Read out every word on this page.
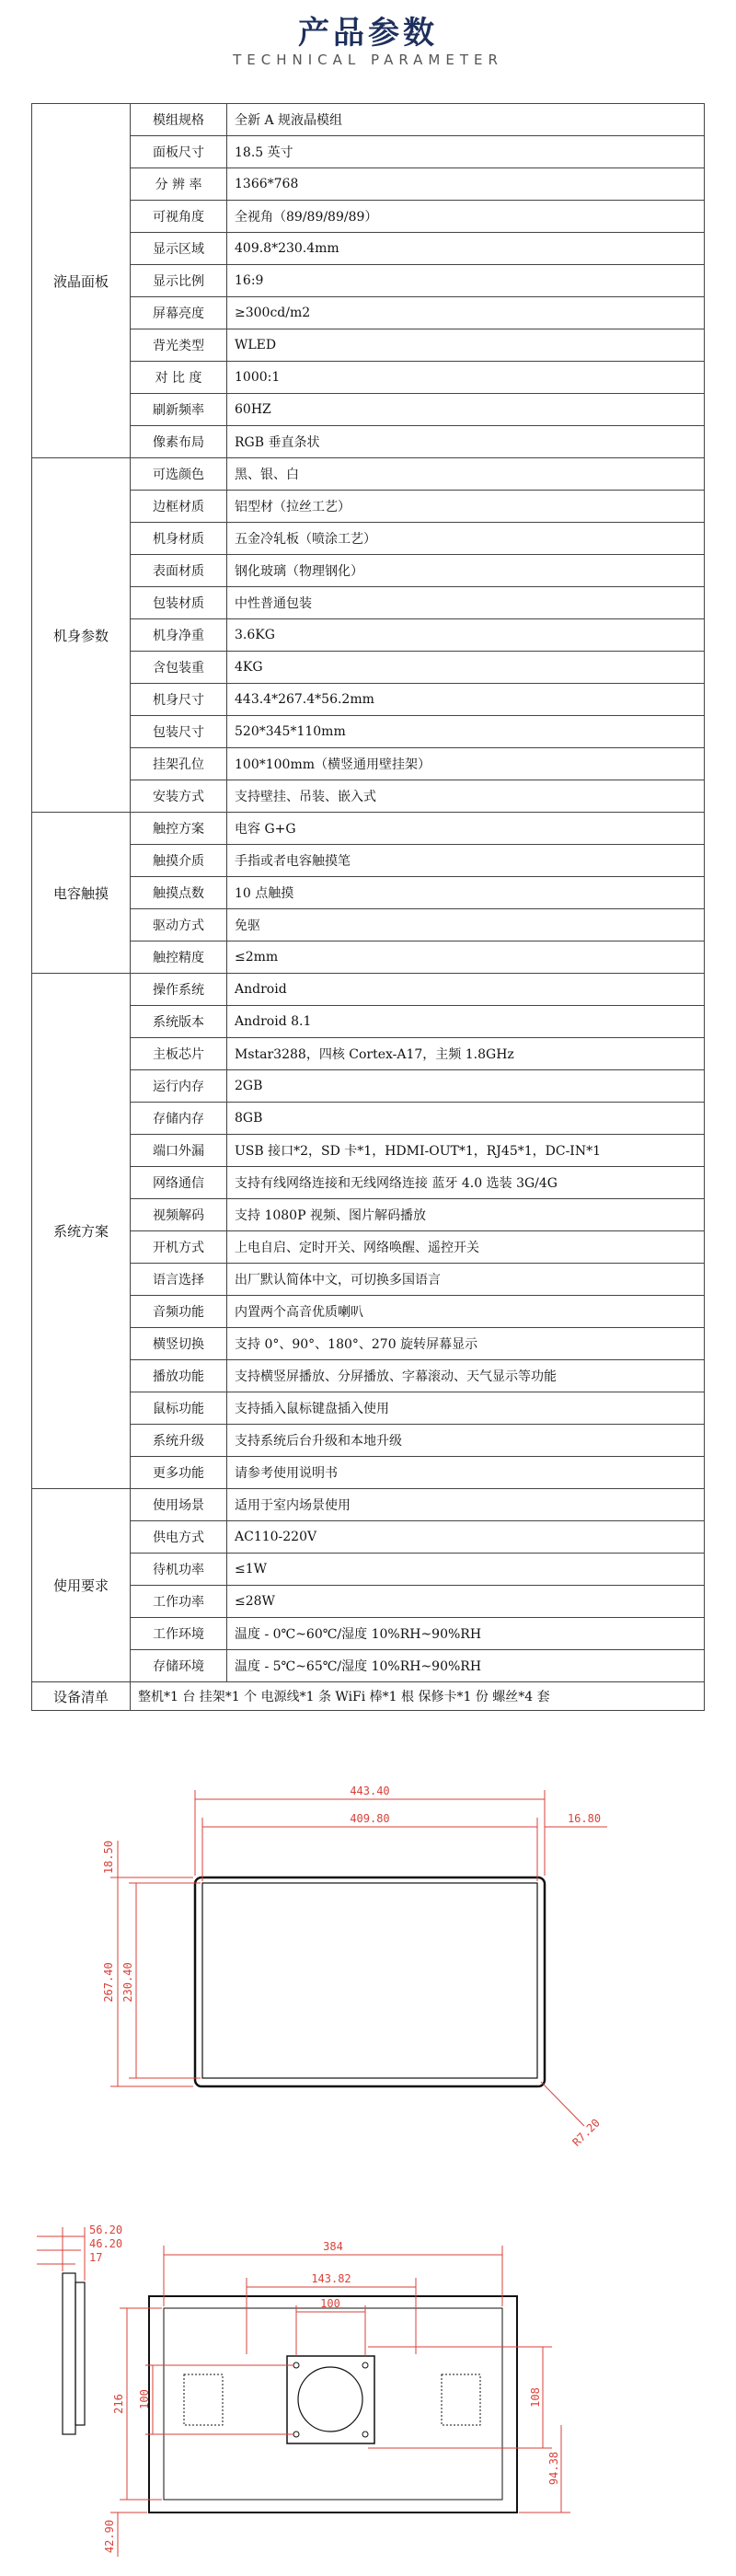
产品参数
TECHNICAL PARAMETER
液晶面板	模组规格	全新 A 规液晶模组
	面板尺寸	18.5 英寸
	分 辨 率	1366*768
	可视角度	全视角（89/89/89/89）
	显示区域	409.8*230.4mm
	显示比例	16:9
	屏幕亮度	≥300cd/m2
	背光类型	WLED
	对 比 度	1000:1
	刷新频率	60HZ
	像素布局	RGB 垂直条状
机身参数	可选颜色	黑、银、白
	边框材质	铝型材（拉丝工艺）
	机身材质	五金冷轧板（喷涂工艺）
	表面材质	钢化玻璃（物理钢化）
	包装材质	中性普通包装
	机身净重	3.6KG
	含包装重	4KG
	机身尺寸	443.4*267.4*56.2mm
	包装尺寸	520*345*110mm
	挂架孔位	100*100mm（横竖通用壁挂架）
	安装方式	支持壁挂、吊装、嵌入式
电容触摸	触控方案	电容 G+G
	触摸介质	手指或者电容触摸笔
	触摸点数	10 点触摸
	驱动方式	免驱
	触控精度	≤2mm
系统方案	操作系统	Android
	系统版本	Android 8.1
	主板芯片	Mstar3288，四核 Cortex-A17，主频 1.8GHz
	运行内存	2GB
	存储内存	8GB
	端口外漏	USB 接口*2，SD 卡*1，HDMI-OUT*1，RJ45*1，DC-IN*1
	网络通信	支持有线网络连接和无线网络连接 蓝牙 4.0 选装 3G/4G
	视频解码	支持 1080P 视频、图片解码播放
	开机方式	上电自启、定时开关、网络唤醒、遥控开关
	语言选择	出厂默认简体中文，可切换多国语言
	音频功能	内置两个高音优质喇叭
	横竖切换	支持 0°、90°、180°、270 旋转屏幕显示
	播放功能	支持横竖屏播放、分屏播放、字幕滚动、天气显示等功能
	鼠标功能	支持插入鼠标键盘插入使用
	系统升级	支持系统后台升级和本地升级
	更多功能	请参考使用说明书
使用要求	使用场景	适用于室内场景使用
	供电方式	AC110-220V
	待机功率	≤1W
	工作功率	≤28W
	工作环境	温度 - 0℃~60℃/湿度 10%RH~90%RH
	存储环境	温度 - 5℃~65℃/湿度 10%RH~90%RH
设备清单	整机*1 台 挂架*1 个 电源线*1 条 WiFi 棒*1 根 保修卡*1 份 螺丝*4 套	
443.40
409.80	16.80
18.50
267.40 230.40
R7.20
56.20
46.20
17
384
143.82
100
216 100	108
94.38
42.90
